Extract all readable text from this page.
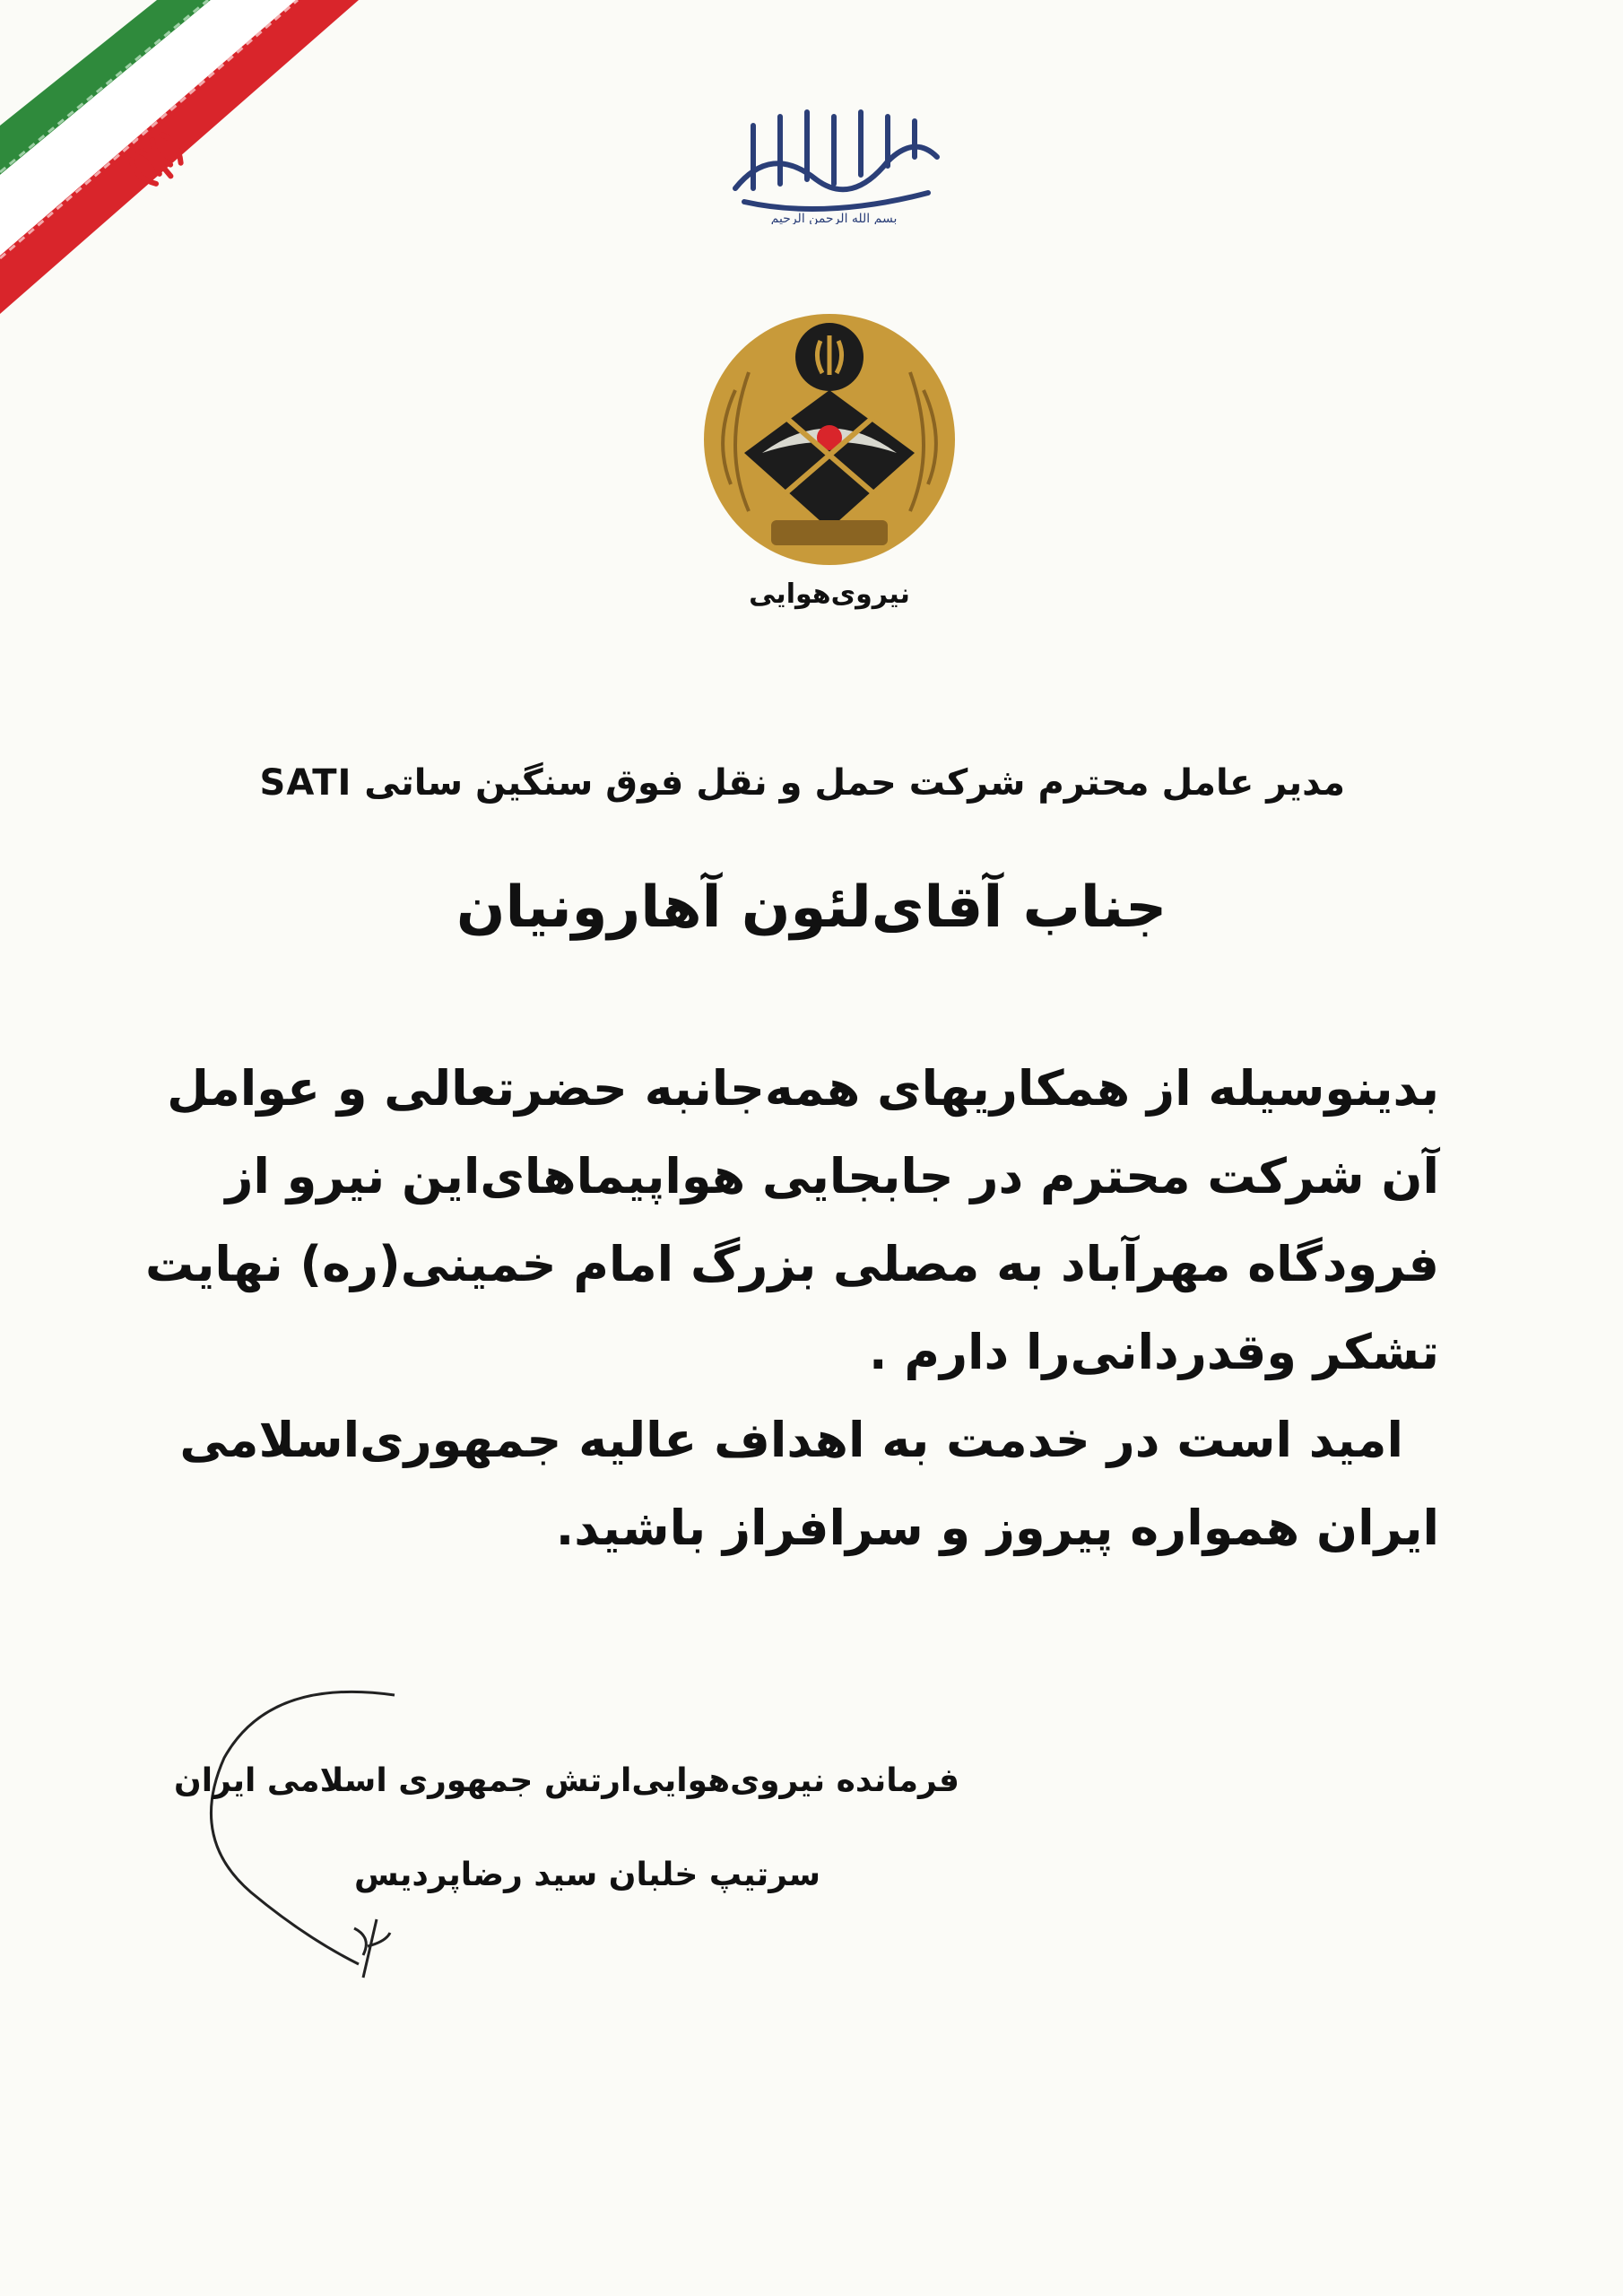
بسم الله الرحمن الرحیم
نیروی‌هوایی
مدیر عامل محترم شرکت حمل و نقل فوق سنگین ساتی SATI
جناب آقای‌لئون آهارونیان
بدینوسیله از همکاریهای همه‌جانبه حضرتعالی و عوامل
آن شرکت محترم در جابجایی هواپیماهای‌این نیرو از
فرودگاه مهرآباد به مصلی بزرگ امام خمینی(ره) نهایت
تشکر وقدردانی‌را دارم .
امید است در خدمت به اهداف عالیه جمهوری‌اسلامی
ایران همواره پیروز و سرافراز باشید.
فرمانده نیروی‌هوایی‌ارتش جمهوری اسلامی ایران
سرتیپ خلبان سید رضاپردیس
